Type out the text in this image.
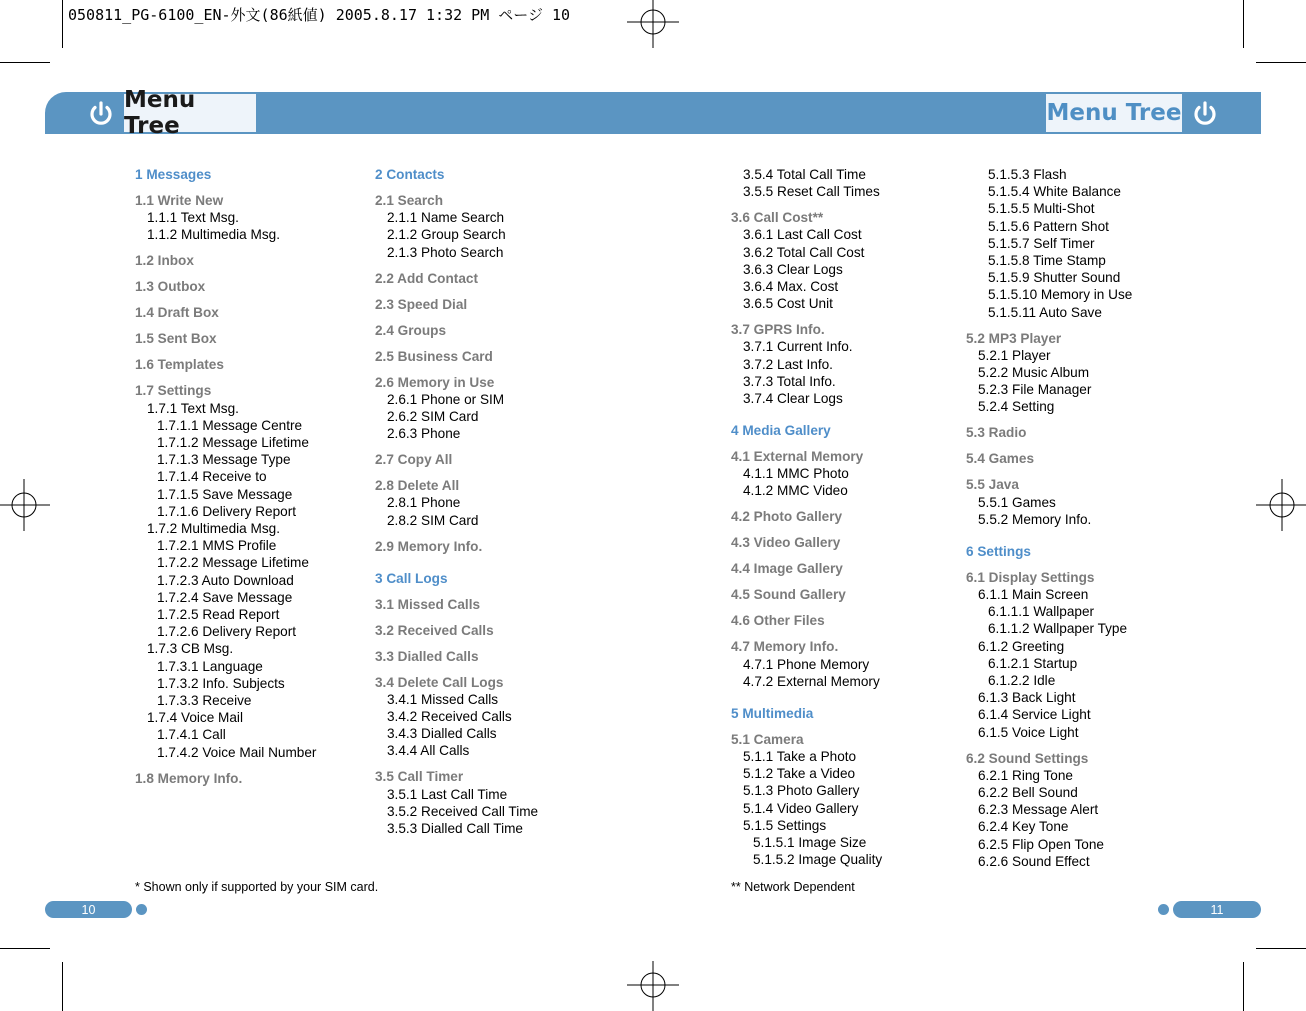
050811_PG-6100_EN-外文(86紙値) 2005.8.17 1:32 PM ページ 10
Menu Tree	Menu Tree
1 Messages
1.1 Write New
1.1.1 Text Msg.
1.1.2 Multimedia Msg.
1.2 Inbox
1.3 Outbox
1.4 Draft Box
1.5 Sent Box
1.6 Templates
1.7 Settings
1.7.1 Text Msg.
1.7.1.1 Message Centre
1.7.1.2 Message Lifetime
1.7.1.3 Message Type
1.7.1.4 Receive to
1.7.1.5 Save Message
1.7.1.6 Delivery Report
1.7.2 Multimedia Msg.
1.7.2.1 MMS Profile
1.7.2.2 Message Lifetime
1.7.2.3 Auto Download
1.7.2.4 Save Message
1.7.2.5 Read Report
1.7.2.6 Delivery Report
1.7.3 CB Msg.
1.7.3.1 Language
1.7.3.2 Info. Subjects
1.7.3.3 Receive
1.7.4 Voice Mail
1.7.4.1 Call
1.7.4.2 Voice Mail Number
1.8 Memory Info.
2 Contacts
2.1 Search
2.1.1 Name Search
2.1.2 Group Search
2.1.3 Photo Search
2.2 Add Contact
2.3 Speed Dial
2.4 Groups
2.5 Business Card
2.6 Memory in Use
2.6.1 Phone or SIM
2.6.2 SIM Card
2.6.3 Phone
2.7 Copy All
2.8 Delete All
2.8.1 Phone
2.8.2 SIM Card
2.9 Memory Info.
3 Call Logs
3.1 Missed Calls
3.2 Received Calls
3.3 Dialled Calls
3.4 Delete Call Logs
3.4.1 Missed Calls
3.4.2 Received Calls
3.4.3 Dialled Calls
3.4.4 All Calls
3.5 Call Timer
3.5.1 Last Call Time
3.5.2 Received Call Time
3.5.3 Dialled Call Time
3.5.4 Total Call Time
3.5.5 Reset Call Times
3.6 Call Cost**
3.6.1 Last Call Cost
3.6.2 Total Call Cost
3.6.3 Clear Logs
3.6.4 Max. Cost
3.6.5 Cost Unit
3.7 GPRS Info.
3.7.1 Current Info.
3.7.2 Last Info.
3.7.3 Total Info.
3.7.4 Clear Logs
4 Media Gallery
4.1 External Memory
4.1.1 MMC Photo
4.1.2 MMC Video
4.2 Photo Gallery
4.3 Video Gallery
4.4 Image Gallery
4.5 Sound Gallery
4.6 Other Files
4.7 Memory Info.
4.7.1 Phone Memory
4.7.2 External Memory
5 Multimedia
5.1 Camera
5.1.1 Take a Photo
5.1.2 Take a Video
5.1.3 Photo Gallery
5.1.4 Video Gallery
5.1.5 Settings
5.1.5.1 Image Size
5.1.5.2 Image Quality
5.1.5.3 Flash
5.1.5.4 White Balance
5.1.5.5 Multi-Shot
5.1.5.6 Pattern Shot
5.1.5.7 Self Timer
5.1.5.8 Time Stamp
5.1.5.9 Shutter Sound
5.1.5.10 Memory in Use
5.1.5.11 Auto Save
5.2 MP3 Player
5.2.1 Player
5.2.2 Music Album
5.2.3 File Manager
5.2.4 Setting
5.3 Radio
5.4 Games
5.5 Java
5.5.1 Games
5.5.2 Memory Info.
6 Settings
6.1 Display Settings
6.1.1 Main Screen
6.1.1.1 Wallpaper
6.1.1.2 Wallpaper Type
6.1.2 Greeting
6.1.2.1 Startup
6.1.2.2 Idle
6.1.3 Back Light
6.1.4 Service Light
6.1.5 Voice Light
6.2 Sound Settings
6.2.1 Ring Tone
6.2.2 Bell Sound
6.2.3 Message Alert
6.2.4 Key Tone
6.2.5 Flip Open Tone
6.2.6 Sound Effect
* Shown only if supported by your SIM card.	** Network Dependent
10	11
